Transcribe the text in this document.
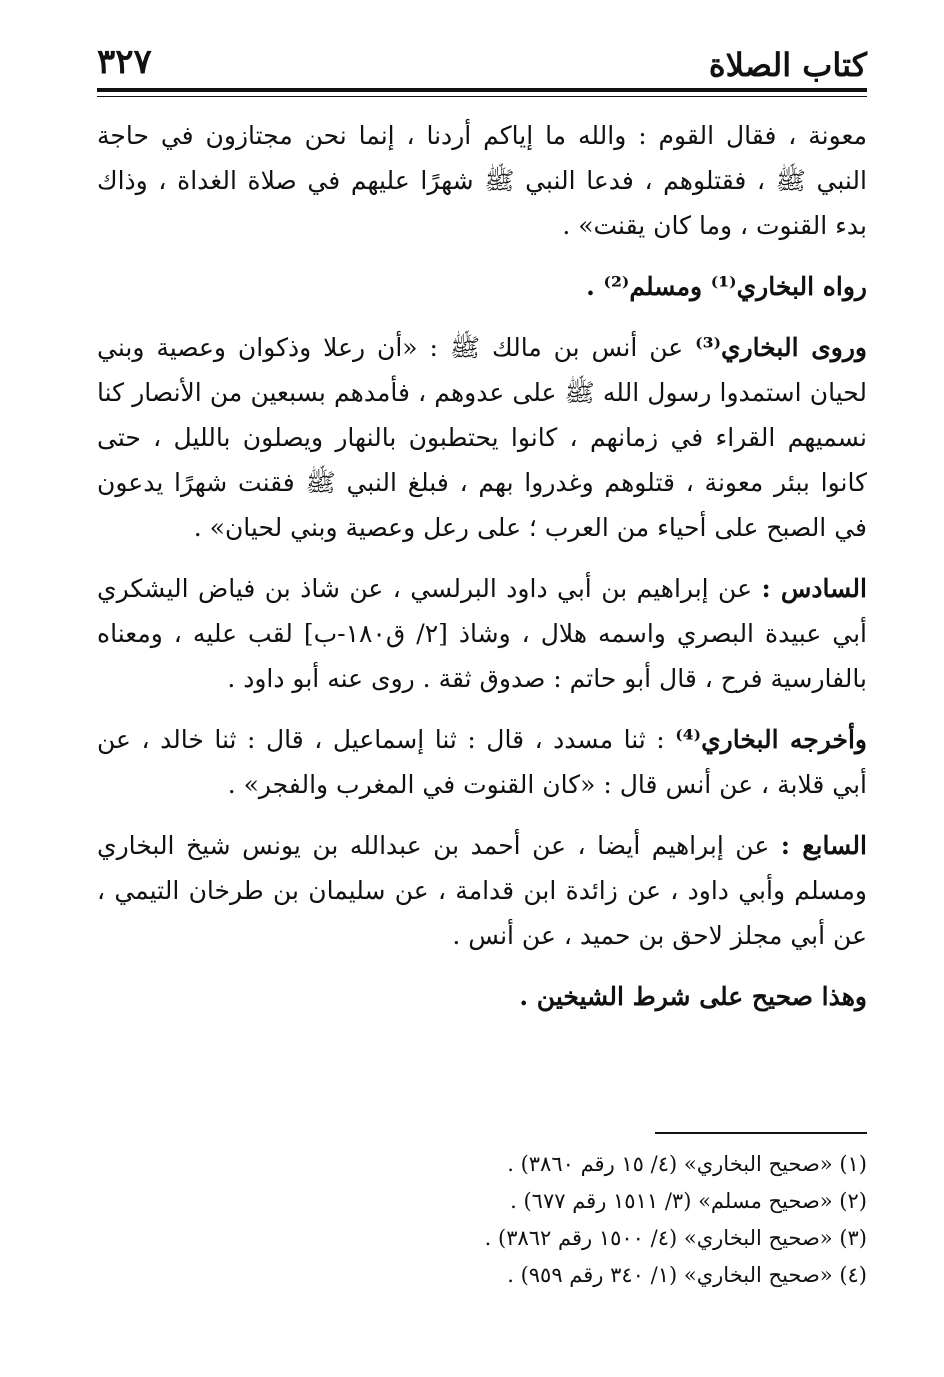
كتاب الصلاة
٣٢٧

معونة ، فقال القوم : والله ما إياكم أردنا ، إنما نحن مجتازون في حاجة النبي ﷺ ، فقتلوهم ، فدعا النبي ﷺ شهرًا عليهم في صلاة الغداة ، وذاك بدء القنوت ، وما كان يقنت» .

رواه البخاري⁽¹⁾ ومسلم⁽²⁾ .

وروى البخاري⁽³⁾ عن أنس بن مالك ﷺ : «أن رعلا وذكوان وعصية وبني لحيان استمدوا رسول الله ﷺ على عدوهم ، فأمدهم بسبعين من الأنصار كنا نسميهم القراء في زمانهم ، كانوا يحتطبون بالنهار ويصلون بالليل ، حتى كانوا ببئر معونة ، قتلوهم وغدروا بهم ، فبلغ النبي ﷺ فقنت شهرًا يدعون في الصبح على أحياء من العرب ؛ على رعل وعصية وبني لحيان» .

السادس : عن إبراهيم بن أبي داود البرلسي ، عن شاذ بن فياض اليشكري أبي عبيدة البصري واسمه هلال ، وشاذ [٢/ ق١٨٠-ب] لقب عليه ، ومعناه بالفارسية فرح ، قال أبو حاتم : صدوق ثقة . روى عنه أبو داود .

وأخرجه البخاري⁽⁴⁾ : ثنا مسدد ، قال : ثنا إسماعيل ، قال : ثنا خالد ، عن أبي قلابة ، عن أنس قال : «كان القنوت في المغرب والفجر» .

السابع : عن إبراهيم أيضا ، عن أحمد بن عبدالله بن يونس شيخ البخاري ومسلم وأبي داود ، عن زائدة ابن قدامة ، عن سليمان بن طرخان التيمي ، عن أبي مجلز لاحق بن حميد ، عن أنس .

وهذا صحيح على شرط الشيخين .

(١) «صحيح البخاري» (٤/ ١٥ رقم ٣٨٦٠) .
(٢) «صحيح مسلم» (٣/ ١٥١١ رقم ٦٧٧) .
(٣) «صحيح البخاري» (٤/ ١٥٠٠ رقم ٣٨٦٢) .
(٤) «صحيح البخاري» (١/ ٣٤٠ رقم ٩٥٩) .
